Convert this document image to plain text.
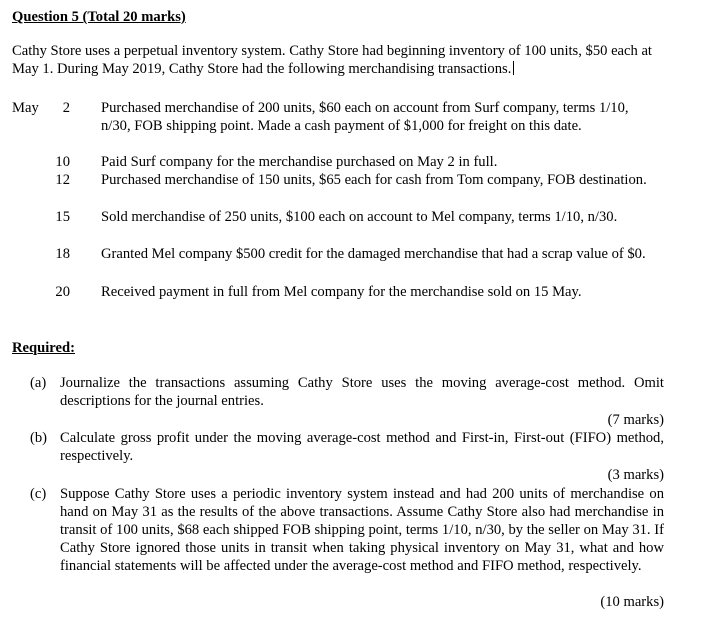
Question 5 (Total 20 marks)
Cathy Store uses a perpetual inventory system. Cathy Store had beginning inventory of 100 units, $50 each at May 1. During May 2019, Cathy Store had the following merchandising transactions.
May	2 Purchased merchandise of 200 units, $60 each on account from Surf company, terms 1/10, n/30, FOB shipping point. Made a cash payment of $1,000 for freight on this date.
10 Paid Surf company for the merchandise purchased on May 2 in full.
12 Purchased merchandise of 150 units, $65 each for cash from Tom company, FOB destination.
15 Sold merchandise of 250 units, $100 each on account to Mel company, terms 1/10, n/30.
18 Granted Mel company $500 credit for the damaged merchandise that had a scrap value of $0.
20 Received payment in full from Mel company for the merchandise sold on 15 May.
Required:
(a) Journalize the transactions assuming Cathy Store uses the moving average-cost method. Omit descriptions for the journal entries.
(7 marks)
(b) Calculate gross profit under the moving average-cost method and First-in, First-out (FIFO) method, respectively.
(3 marks)
(c) Suppose Cathy Store uses a periodic inventory system instead and had 200 units of merchandise on hand on May 31 as the results of the above transactions. Assume Cathy Store also had merchandise in transit of 100 units, $68 each shipped FOB shipping point, terms 1/10, n/30, by the seller on May 31. If Cathy Store ignored those units in transit when taking physical inventory on May 31, what and how financial statements will be affected under the average-cost method and FIFO method, respectively.
(10 marks)
